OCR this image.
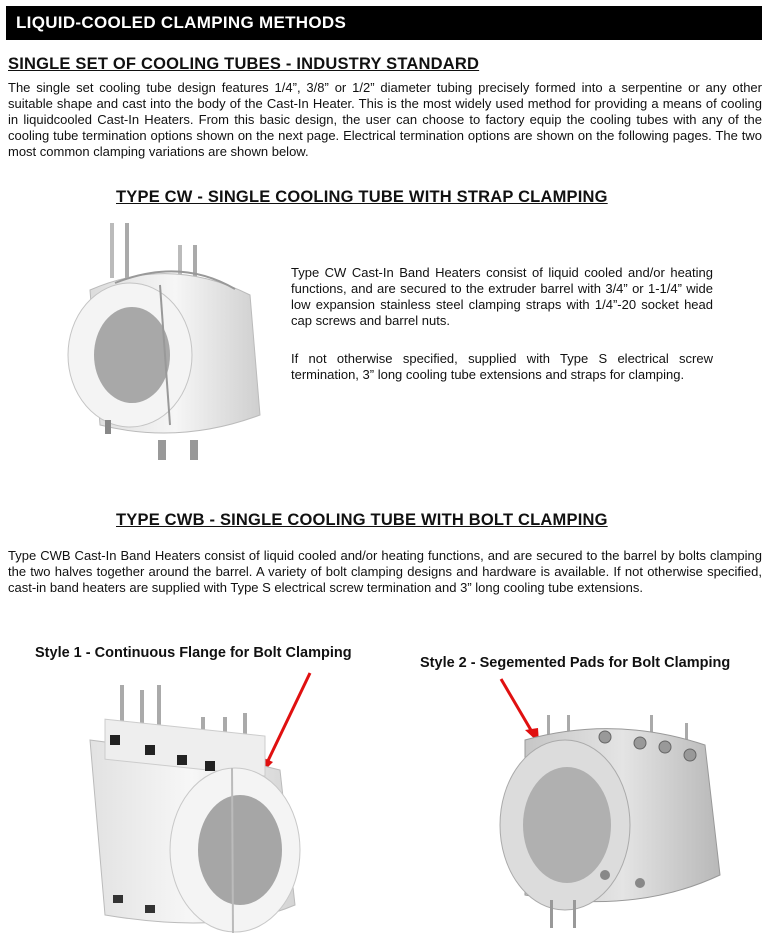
LIQUID-COOLED CLAMPING METHODS
SINGLE SET OF COOLING TUBES - INDUSTRY STANDARD
The single set cooling tube design features 1/4”, 3/8” or 1/2” diameter tubing precisely formed into a serpentine or any other suitable shape and cast into the body of the Cast-In Heater. This is the most widely used method for providing a means of cooling in liquidcooled Cast-In Heaters. From this basic design, the user can choose to factory equip the cooling tubes with any of the cooling tube termination options shown on the next page. Electrical termination options are shown on the following pages. The two most common clamping variations are shown below.
TYPE CW - SINGLE COOLING TUBE WITH STRAP CLAMPING
Type CW Cast-In Band Heaters consist of liquid cooled and/or heating functions, and are secured to the extruder barrel with 3/4” or 1-1/4” wide low expansion stainless steel clamping straps with 1/4”-20 socket head cap screws and barrel nuts.
If not otherwise specified, supplied with Type S electrical screw termination, 3” long cooling tube extensions and straps for clamping.
TYPE CWB - SINGLE COOLING TUBE WITH BOLT CLAMPING
Type CWB Cast-In Band Heaters consist of liquid cooled and/or heating functions, and are secured to the barrel by bolts clamping the two halves together around the barrel. A variety of bolt clamping designs and hardware is available. If not otherwise specified, cast-in band heaters are supplied with Type S electrical screw termination and 3” long cooling tube extensions.
Style 1 - Continuous Flange for Bolt Clamping
Style 2 - Segemented Pads for Bolt Clamping
